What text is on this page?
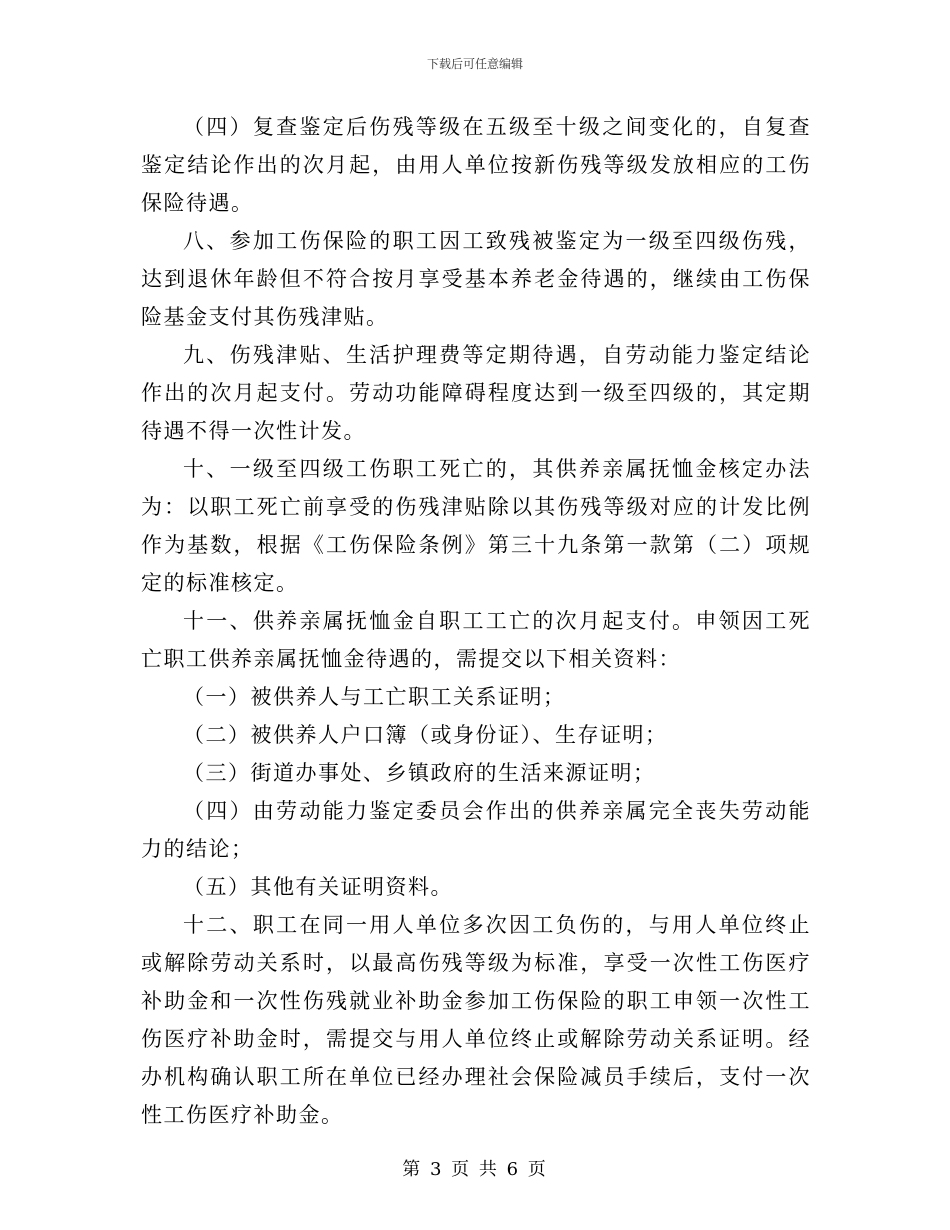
下载后可任意编辑

（四）复查鉴定后伤残等级在五级至十级之间变化的，自复查鉴定结论作出的次月起，由用人单位按新伤残等级发放相应的工伤保险待遇。

八、参加工伤保险的职工因工致残被鉴定为一级至四级伤残，达到退休年龄但不符合按月享受基本养老金待遇的，继续由工伤保险基金支付其伤残津贴。

九、伤残津贴、生活护理费等定期待遇，自劳动能力鉴定结论作出的次月起支付。劳动功能障碍程度达到一级至四级的，其定期待遇不得一次性计发。

十、一级至四级工伤职工死亡的，其供养亲属抚恤金核定办法为：以职工死亡前享受的伤残津贴除以其伤残等级对应的计发比例作为基数，根据《工伤保险条例》第三十九条第一款第（二）项规定的标准核定。

十一、供养亲属抚恤金自职工工亡的次月起支付。申领因工死亡职工供养亲属抚恤金待遇的，需提交以下相关资料：

（一）被供养人与工亡职工关系证明；

（二）被供养人户口簿（或身份证）、生存证明；

（三）街道办事处、乡镇政府的生活来源证明；

（四）由劳动能力鉴定委员会作出的供养亲属完全丧失劳动能力的结论；

（五）其他有关证明资料。

十二、职工在同一用人单位多次因工负伤的，与用人单位终止或解除劳动关系时，以最高伤残等级为标准，享受一次性工伤医疗补助金和一次性伤残就业补助金参加工伤保险的职工申领一次性工伤医疗补助金时，需提交与用人单位终止或解除劳动关系证明。经办机构确认职工所在单位已经办理社会保险减员手续后，支付一次性工伤医疗补助金。

第 3 页 共 6 页
